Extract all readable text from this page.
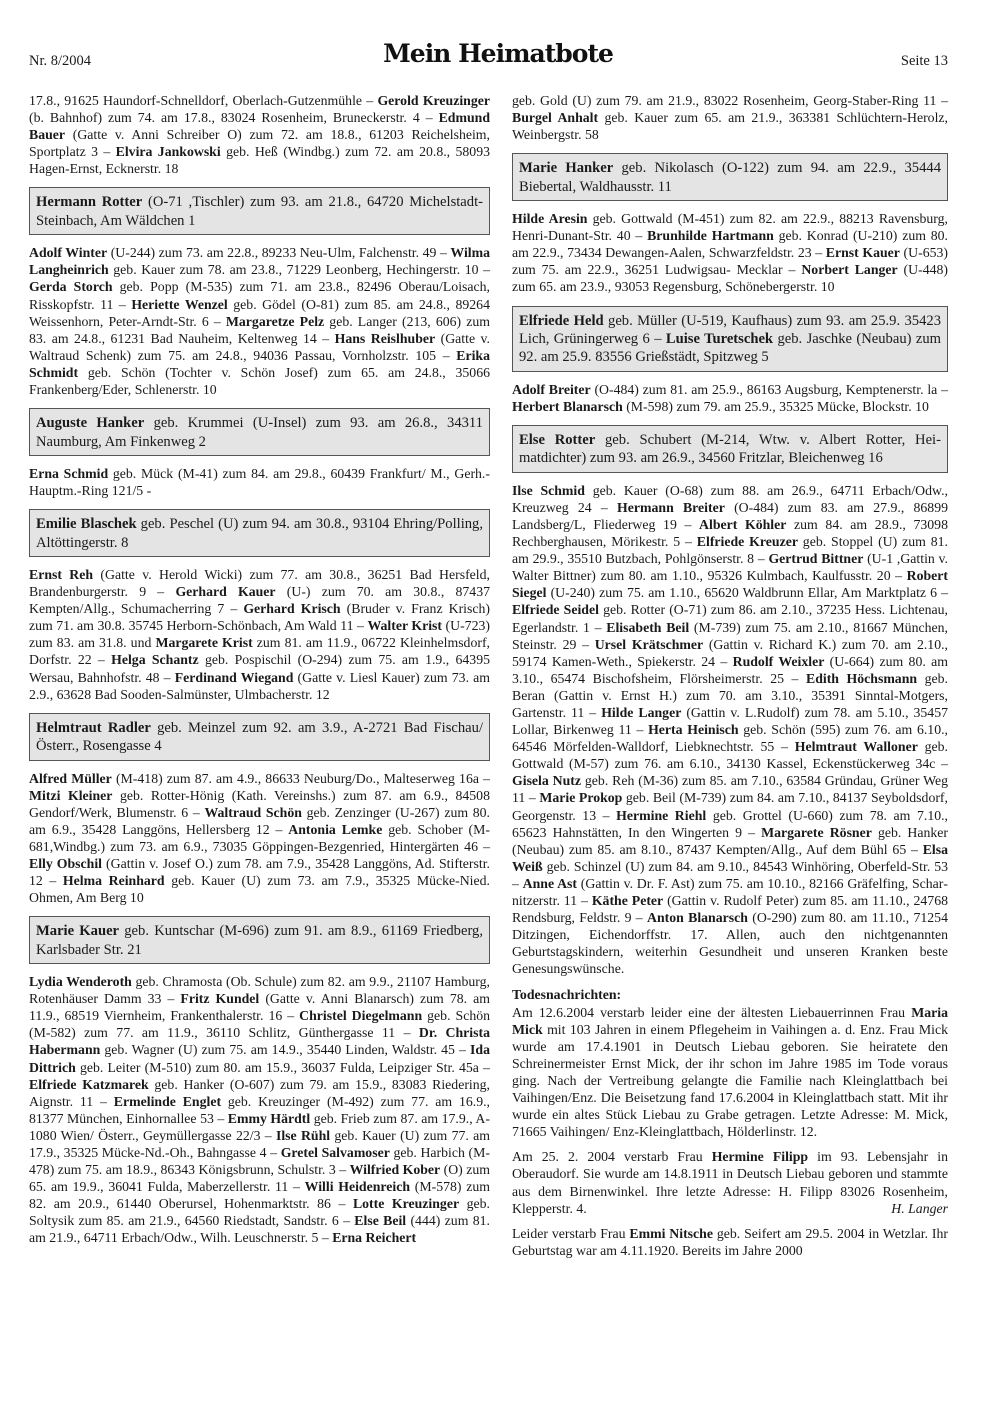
Nr. 8/2004	Mein Heimatbote	Seite 13

17.8., 91625 Haundorf-Schnelldorf, Oberlach-Gutzenmühle – Gerold Kreuzinger (b. Bahnhof) zum 74. am 17.8., 83024 Rosenheim, Bruneckerstr. 4 – Edmund Bauer (Gatte v. Anni Schreiber O) zum 72. am 18.8., 61203 Reichelsheim, Sportplatz 3 – Elvira Jankowski geb. Heß (Windbg.) zum 72. am 20.8., 58093 Hagen-Ernst, Ecknerstr. 18

Hermann Rotter (O-71 ,Tischler) zum 93. am 21.8., 64720 Michelstadt-Steinbach, Am Wäldchen 1

Adolf Winter (U-244) zum 73. am 22.8., 89233 Neu-Ulm, Falchenstr. 49 – Wilma Langheinrich geb. Kauer zum 78. am 23.8., 71229 Leonberg, Hechingerstr. 10 – Gerda Storch geb. Popp (M-535) zum 71. am 23.8., 82496 Oberau/Loisach, Risskopfstr. 11 – Heriette Wenzel geb. Gödel (O-81) zum 85. am 24.8., 89264 Weissenhorn, Peter-Arndt-Str. 6 – Margaretze Pelz geb. Langer (213, 606) zum 83. am 24.8., 61231 Bad Nauheim, Keltenweg 14 – Hans Reislhuber (Gatte v. Waltraud Schenk) zum 75. am 24.8., 94036 Passau, Vornholzstr. 105 – Erika Schmidt geb. Schön (Tochter v. Schön Josef) zum 65. am 24.8., 35066 Frankenberg/Eder, Schlenerstr. 10

Auguste Hanker geb. Krummei (U-Insel) zum 93. am 26.8., 34311 Naumburg, Am Finkenweg 2

Erna Schmid geb. Mück (M-41) zum 84. am 29.8., 60439 Frankfurt/ M., Gerh.-Hauptm.-Ring 121/5 -

Emilie Blaschek geb. Peschel (U) zum 94. am 30.8., 93104 Ehring/Polling, Altöttingerstr. 8

Ernst Reh (Gatte v. Herold Wicki) zum 77. am 30.8., 36251 Bad Hersfeld, Brandenburgerstr. 9 – Gerhard Kauer (U-) zum 70. am 30.8., 87437 Kempten/Allg., Schumacherring 7 – Gerhard Krisch (Bruder v. Franz Krisch) zum 71. am 30.8. 35745 Herborn-Schönbach, Am Wald 11 – Walter Krist (U-723) zum 83. am 31.8. und Margarete Krist zum 81. am 11.9., 06722 Kleinhelmsdorf, Dorfstr. 22 – Helga Schantz geb. Pospischil (O-294) zum 75. am 1.9., 64395 Wersau, Bahnhofstr. 48 – Ferdinand Wiegand (Gatte v. Liesl Kauer) zum 73. am 2.9., 63628 Bad Sooden-Salmünster, Ulmbacherstr. 12

Helmtraut Radler geb. Meinzel zum 92. am 3.9., A-2721 Bad Fischau/Österr., Rosengasse 4

Alfred Müller (M-418) zum 87. am 4.9., 86633 Neuburg/Do., Malteserweg 16a – Mitzi Kleiner geb. Rotter-Hönig (Kath. Vereinshs.) zum 87. am 6.9., 84508 Gendorf/Werk, Blumenstr. 6 – Waltraud Schön geb. Zenzinger (U-267) zum 80. am 6.9., 35428 Langgöns, Hellersberg 12 – Antonia Lemke geb. Schober (M-681,Windbg.) zum 73. am 6.9., 73035 Göppingen-Bezgenried, Hintergärten 46 – Elly Obschil (Gattin v. Josef O.) zum 78. am 7.9., 35428 Langgöns, Ad. Stifterstr. 12 – Helma Reinhard geb. Kauer (U) zum 73. am 7.9., 35325 Mücke-Nied. Ohmen, Am Berg 10

Marie Kauer geb. Kuntschar (M-696) zum 91. am 8.9., 61169 Friedberg, Karlsbader Str. 21

Lydia Wenderoth geb. Chramosta (Ob. Schule) zum 82. am 9.9., 21107 Hamburg, Rotenhäuser Damm 33 – Fritz Kundel (Gatte v. Anni Blanarsch) zum 78. am 11.9., 68519 Viernheim, Frankenthalerstr. 16 – Christel Diegelmann geb. Schön (M-582) zum 77. am 11.9., 36110 Schlitz, Günthergasse 11 – Dr. Christa Habermann geb. Wagner (U) zum 75. am 14.9., 35440 Linden, Waldstr. 45 – Ida Dittrich geb. Leiter (M-510) zum 80. am 15.9., 36037 Fulda, Leipziger Str. 45a – Elfriede Katzmarek geb. Hanker (O-607) zum 79. am 15.9., 83083 Riedering, Aignstr. 11 – Ermelinde Englet geb. Kreuzinger (M-492) zum 77. am 16.9., 81377 München, Einhornallee 53 – Emmy Härdtl geb. Frieb zum 87. am 17.9., A-1080 Wien/ Österr., Geymüllergasse 22/3 – Ilse Rühl geb. Kauer (U) zum 77. am 17.9., 35325 Mücke-Nd.-Oh., Bahngasse 4 – Gretel Salvamoser geb. Harbich (M-478) zum 75. am 18.9., 86343 Königsbrunn, Schulstr. 3 – Wilfried Kober (O) zum 65. am 19.9., 36041 Fulda, Maberzellerstr. 11 – Willi Heidenreich (M-578) zum 82. am 20.9., 61440 Oberursel, Hohenmarktstr. 86 – Lotte Kreuzinger geb. Soltysik zum 85. am 21.9., 64560 Riedstadt, Sandstr. 6 – Else Beil (444) zum 81. am 21.9., 64711 Erbach/Odw., Wilh. Leuschnerstr. 5 – Erna Reichert

geb. Gold (U) zum 79. am 21.9., 83022 Rosenheim, Georg-Staber-Ring 11 – Burgel Anhalt geb. Kauer zum 65. am 21.9., 363381 Schlüchtern-Herolz, Weinbergstr. 58

Marie Hanker geb. Nikolasch (O-122) zum 94. am 22.9., 35444 Biebertal, Waldhausstr. 11

Hilde Aresin geb. Gottwald (M-451) zum 82. am 22.9., 88213 Ravensburg, Henri-Dunant-Str. 40 – Brunhilde Hartmann geb. Konrad (U-210) zum 80. am 22.9., 73434 Dewangen-Aalen, Schwarzfeldstr. 23 – Ernst Kauer (U-653) zum 75. am 22.9., 36251 Ludwigsau- Mecklar – Norbert Langer (U-448) zum 65. am 23.9., 93053 Regensburg, Schönebergerstr. 10

Elfriede Held geb. Müller (U-519, Kaufhaus) zum 93. am 25.9. 35423 Lich, Grüningerweg 6 – Luise Turetschek geb. Jaschke (Neubau) zum 92. am 25.9. 83556 Grießstädt, Spitzweg 5

Adolf Breiter (O-484) zum 81. am 25.9., 86163 Augsburg, Kemptenerstr. la – Herbert Blanarsch (M-598) zum 79. am 25.9., 35325 Mücke, Blockstr. 10

Else Rotter geb. Schubert (M-214, Wtw. v. Albert Rotter, Heimatdichter) zum 93. am 26.9., 34560 Fritzlar, Bleichenweg 16

Ilse Schmid geb. Kauer (O-68) zum 88. am 26.9., 64711 Erbach/Odw., Kreuzweg 24 – Hermann Breiter (O-484) zum 83. am 27.9., 86899 Landsberg/L, Fliederweg 19 – Albert Köhler zum 84. am 28.9., 73098 Rechberghausen, Mörikestr. 5 – Elfriede Kreuzer geb. Stoppel (U) zum 81. am 29.9., 35510 Butzbach, Pohlgönserstr. 8 – Gertrud Bittner (U-1 ,Gattin v. Walter Bittner) zum 80. am 1.10., 95326 Kulmbach, Kaulfusstr. 20 – Robert Siegel (U-240) zum 75. am 1.10., 65620 Waldbrunn Ellar, Am Marktplatz 6 – Elfriede Seidel geb. Rotter (O-71) zum 86. am 2.10., 37235 Hess. Lichtenau, Egerlandstr. 1 – Elisabeth Beil (M-739) zum 75. am 2.10., 81667 München, Steinstr. 29 – Ursel Krätschmer (Gattin v. Richard K.) zum 70. am 2.10., 59174 Kamen-Weth., Spiekerstr. 24 – Rudolf Weixler (U-664) zum 80. am 3.10., 65474 Bischofsheim, Flörsheimerstr. 25 – Edith Höchsmann geb. Beran (Gattin v. Ernst H.) zum 70. am 3.10., 35391 Sinntal-Motgers, Gartenstr. 11 – Hilde Langer (Gattin v. L.Rudolf) zum 78. am 5.10., 35457 Lollar, Birkenweg 11 – Herta Heinisch geb. Schön (595) zum 76. am 6.10., 64546 Mörfelden-Walldorf, Liebknechtstr. 55 – Helmtraut Walloner geb. Gottwald (M-57) zum 76. am 6.10., 34130 Kassel, Eckenstückerweg 34c – Gisela Nutz geb. Reh (M-36) zum 85. am 7.10., 63584 Gründau, Grüner Weg 11 – Marie Prokop geb. Beil (M-739) zum 84. am 7.10., 84137 Seyboldsdorf, Georgenstr. 13 – Hermine Riehl geb. Grottel (U-660) zum 78. am 7.10., 65623 Hahnstätten, In den Wingerten 9 – Margarete Rösner geb. Hanker (Neubau) zum 85. am 8.10., 87437 Kempten/Allg., Auf dem Bühl 65 – Elsa Weiß geb. Schinzel (U) zum 84. am 9.10., 84543 Winhöring, Oberfeld-Str. 53 – Anne Ast (Gattin v. Dr. F. Ast) zum 75. am 10.10., 82166 Gräfelfing, Scharnitzerstr. 11 – Käthe Peter (Gattin v. Rudolf Peter) zum 85. am 11.10., 24768 Rendsburg, Feldstr. 9 – Anton Blanarsch (O-290) zum 80. am 11.10., 71254 Ditzingen, Eichendorffstr. 17. Allen, auch den nichtgenannten Geburtstagskindern, weiterhin Gesundheit und unseren Kranken beste Genesungswünsche.

Todesnachrichten:

Am 12.6.2004 verstarb leider eine der ältesten Liebauerrinnen Frau Maria Mick mit 103 Jahren in einem Pflegeheim in Vaihingen a. d. Enz. Frau Mick wurde am 17.4.1901 in Deutsch Liebau geboren. Sie heiratete den Schreinermeister Ernst Mick, der ihr schon im Jahre 1985 im Tode voraus ging. Nach der Vertreibung gelangte die Familie nach Kleinglattbach bei Vaihingen/Enz. Die Beisetzung fand 17.6.2004 in Kleinglattbach statt. Mit ihr wurde ein altes Stück Liebau zu Grabe getragen. Letzte Adresse: M. Mick, 71665 Vaihingen/ Enz-Kleinglattbach, Hölderlinstr. 12.

Am 25. 2. 2004 verstarb Frau Hermine Filipp im 93. Lebensjahr in Oberaudorf. Sie wurde am 14.8.1911 in Deutsch Liebau geboren und stammte aus dem Birnenwinkel. Ihre letzte Adresse: H. Filipp 83026 Rosenheim, Klepperstr. 4.	H. Langer

Leider verstarb Frau Emmi Nitsche geb. Seifert am 29.5. 2004 in Wetzlar. Ihr Geburtstag war am 4.11.1920. Bereits im Jahre 2000
